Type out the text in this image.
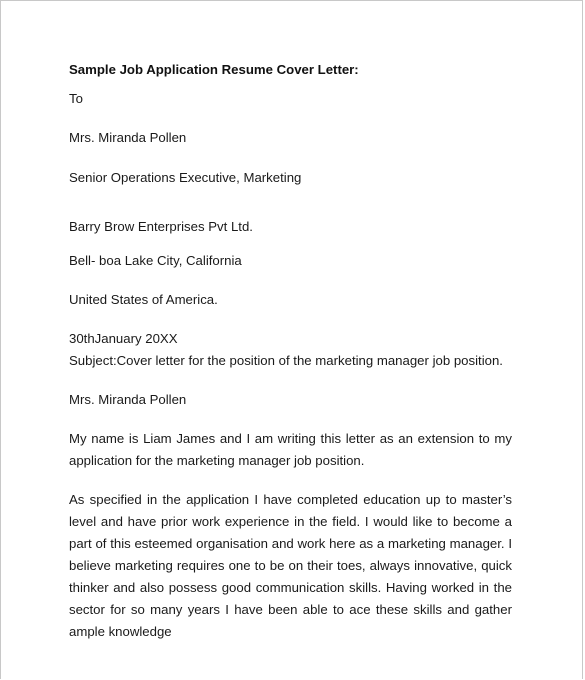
Sample Job Application Resume Cover Letter:

To

Mrs. Miranda Pollen

Senior Operations Executive, Marketing

Barry Brow Enterprises Pvt Ltd.

Bell- boa Lake City, California

United States of America.

30thJanuary 20XX

Subject:Cover letter for the position of the marketing manager job position.

Mrs. Miranda Pollen

My name is Liam James and I am writing this letter as an extension to my application for the marketing manager job position.

As specified in the application I have completed education up to master’s level and have prior work experience in the field. I would like to become a part of this esteemed organisation and work here as a marketing manager. I believe marketing requires one to be on their toes, always innovative, quick thinker and also possess good communication skills. Having worked in the sector for so many years I have been able to ace these skills and gather ample knowledge
